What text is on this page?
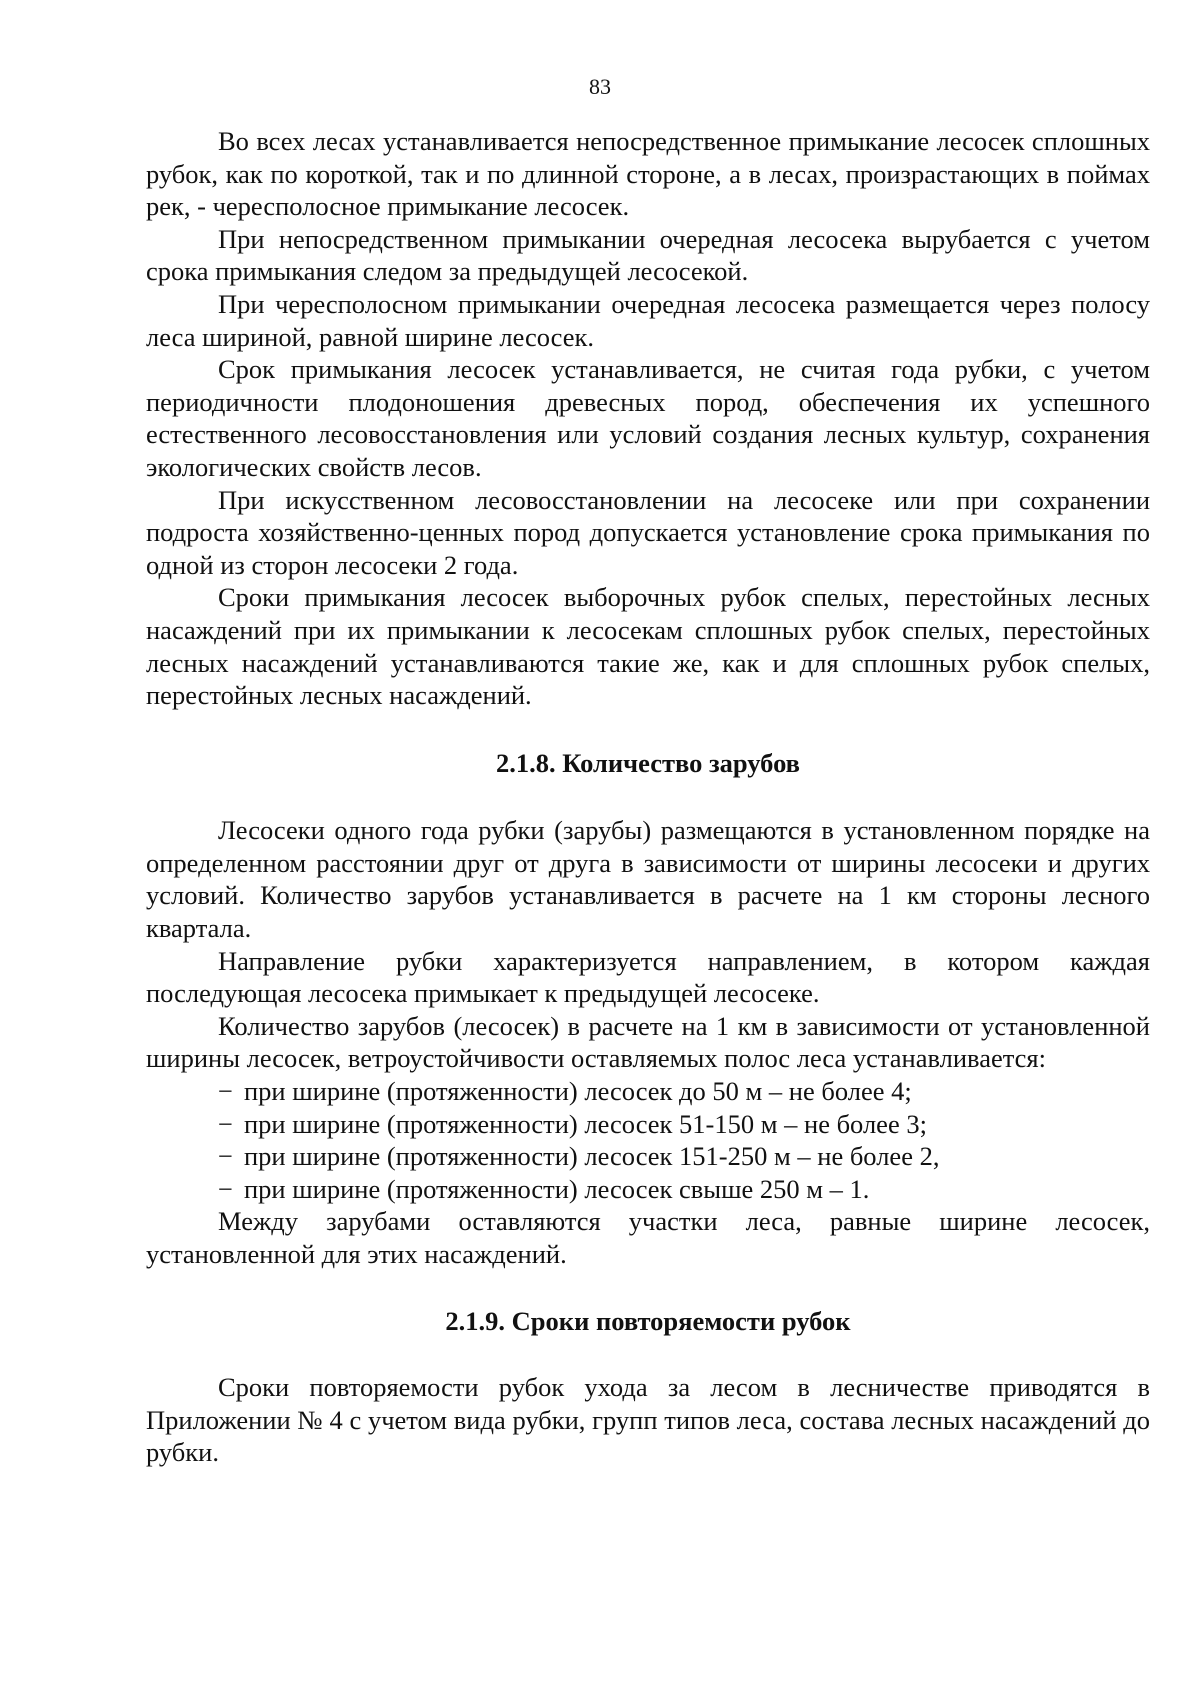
83

Во всех лесах устанавливается непосредственное примыкание лесосек сплошных рубок, как по короткой, так и по длинной стороне, а в лесах, произрастающих в поймах рек, - чересполосное примыкание лесосек.

При непосредственном примыкании очередная лесосека вырубается с учетом срока примыкания следом за предыдущей лесосекой.

При чересполосном примыкании очередная лесосека размещается через полосу леса шириной, равной ширине лесосек.

Срок примыкания лесосек устанавливается, не считая года рубки, с учетом периодичности плодоношения древесных пород, обеспечения их успешного естественного лесовосстановления или условий создания лесных культур, сохранения экологических свойств лесов.

При искусственном лесовосстановлении на лесосеке или при сохранении подроста хозяйственно-ценных пород допускается установление срока примыкания по одной из сторон лесосеки 2 года.

Сроки примыкания лесосек выборочных рубок спелых, перестойных лесных насаждений при их примыкании к лесосекам сплошных рубок спелых, перестойных лесных насаждений устанавливаются такие же, как и для сплошных рубок спелых, перестойных лесных насаждений.

2.1.8. Количество зарубов

Лесосеки одного года рубки (зарубы) размещаются в установленном порядке на определенном расстоянии друг от друга в зависимости от ширины лесосеки и других условий. Количество зарубов устанавливается в расчете на 1 км стороны лесного квартала.

Направление рубки характеризуется направлением, в котором каждая последующая лесосека примыкает к предыдущей лесосеке.

Количество зарубов (лесосек) в расчете на 1 км в зависимости от установленной ширины лесосек, ветроустойчивости оставляемых полос леса устанавливается:

− при ширине (протяженности) лесосек до 50 м – не более 4;
− при ширине (протяженности) лесосек 51-150 м – не более 3;
− при ширине (протяженности) лесосек 151-250 м – не более 2,
− при ширине (протяженности) лесосек свыше 250 м – 1.

Между зарубами оставляются участки леса, равные ширине лесосек, установленной для этих насаждений.

2.1.9. Сроки повторяемости рубок

Сроки повторяемости рубок ухода за лесом в лесничестве приводятся в Приложении № 4 с учетом вида рубки, групп типов леса, состава лесных насаждений до рубки.
